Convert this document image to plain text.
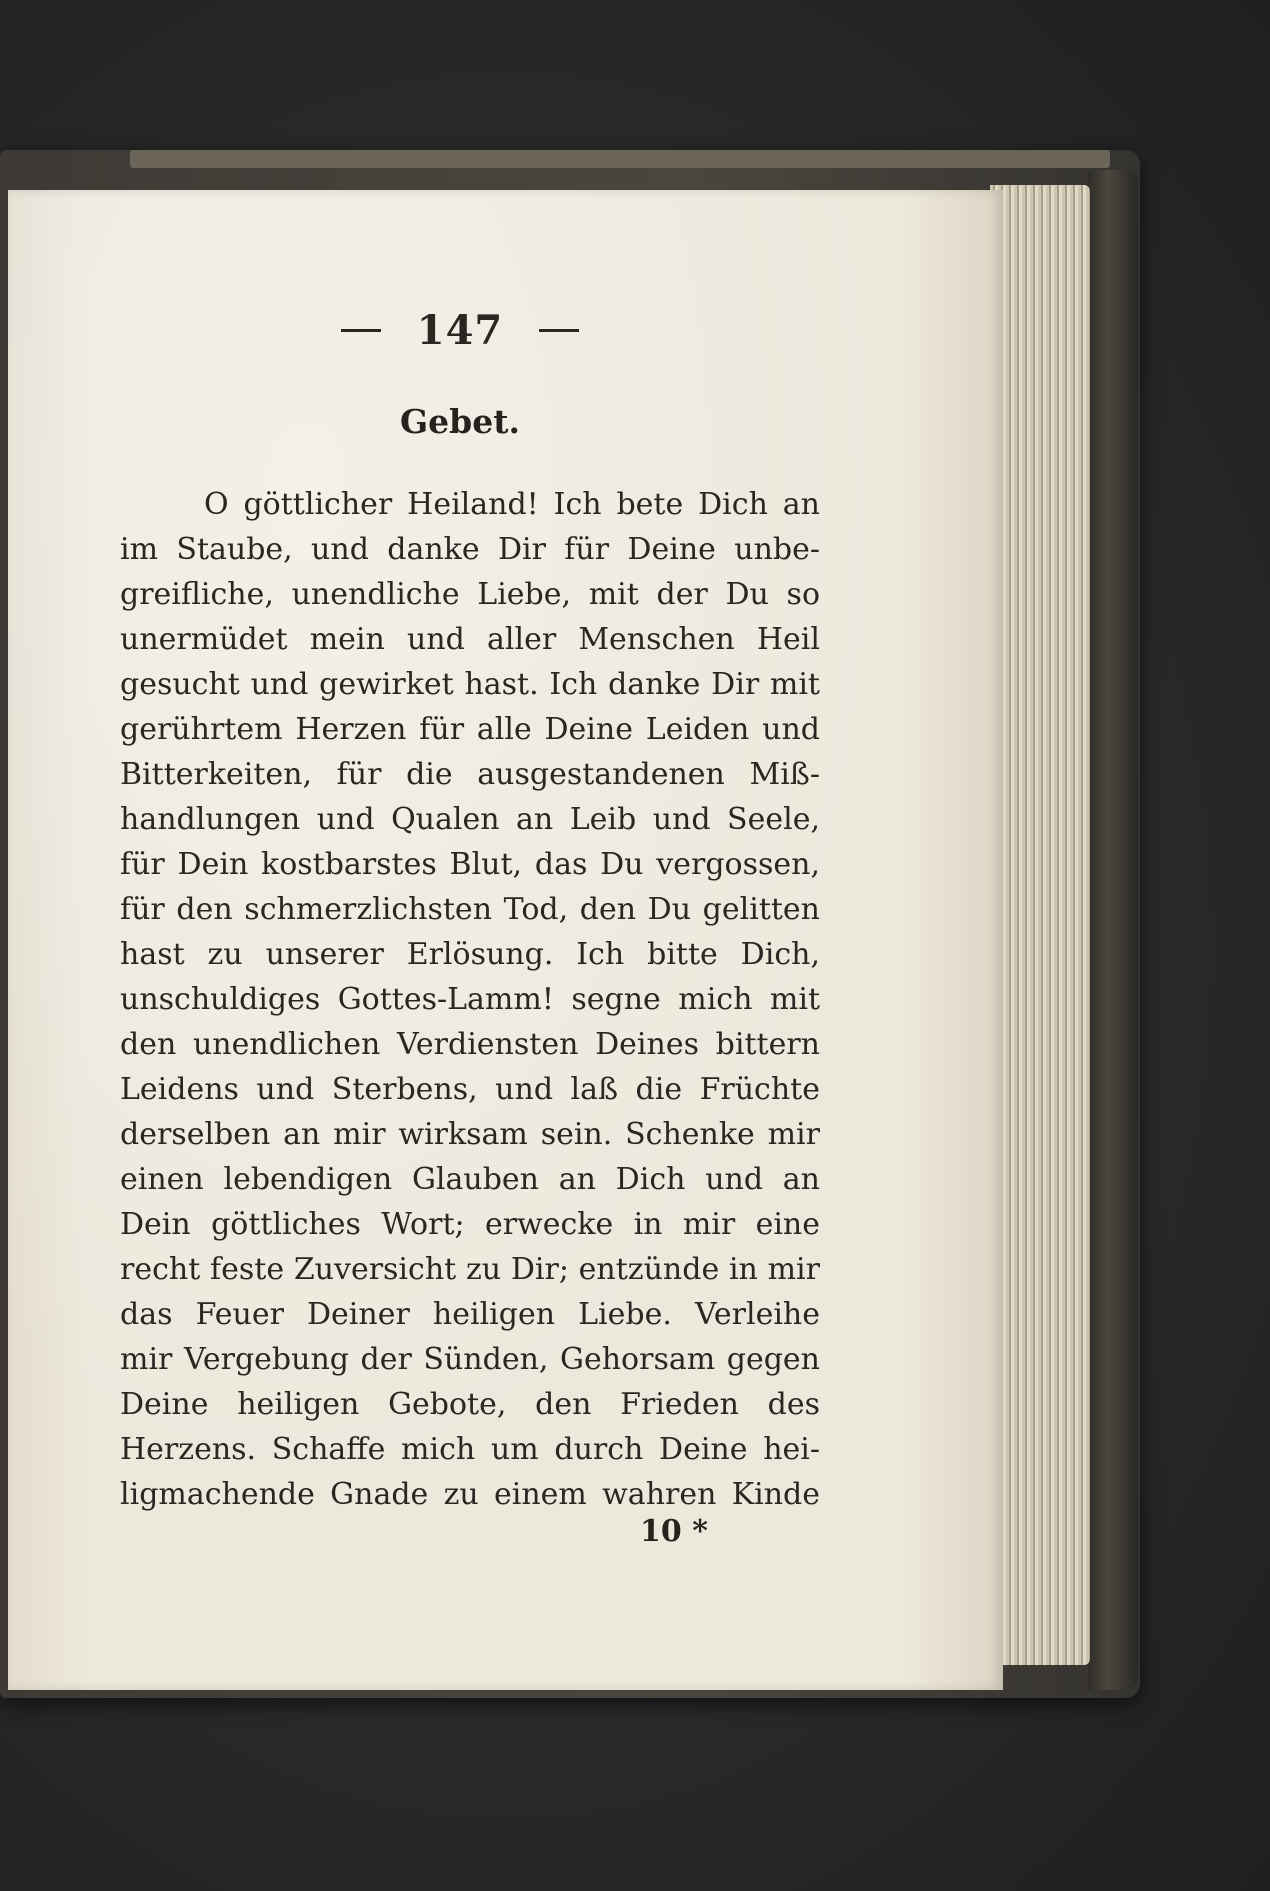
147
Gebet.
O göttlicher Heiland! Ich bete Dich an
im Staube, und danke Dir für Deine unbe-
greifliche, unendliche Liebe, mit der Du so
unermüdet mein und aller Menschen Heil
gesucht und gewirket hast. Ich danke Dir mit
gerührtem Herzen für alle Deine Leiden und
Bitterkeiten, für die ausgestandenen Miß-
handlungen und Qualen an Leib und Seele,
für Dein kostbarstes Blut, das Du vergossen,
für den schmerzlichsten Tod, den Du gelitten
hast zu unserer Erlösung. Ich bitte Dich,
unschuldiges Gottes-Lamm! segne mich mit
den unendlichen Verdiensten Deines bittern
Leidens und Sterbens, und laß die Früchte
derselben an mir wirksam sein. Schenke mir
einen lebendigen Glauben an Dich und an
Dein göttliches Wort; erwecke in mir eine
recht feste Zuversicht zu Dir; entzünde in mir
das Feuer Deiner heiligen Liebe. Verleihe
mir Vergebung der Sünden, Gehorsam gegen
Deine heiligen Gebote, den Frieden des
Herzens. Schaffe mich um durch Deine hei-
ligmachende Gnade zu einem wahren Kinde
10 *
